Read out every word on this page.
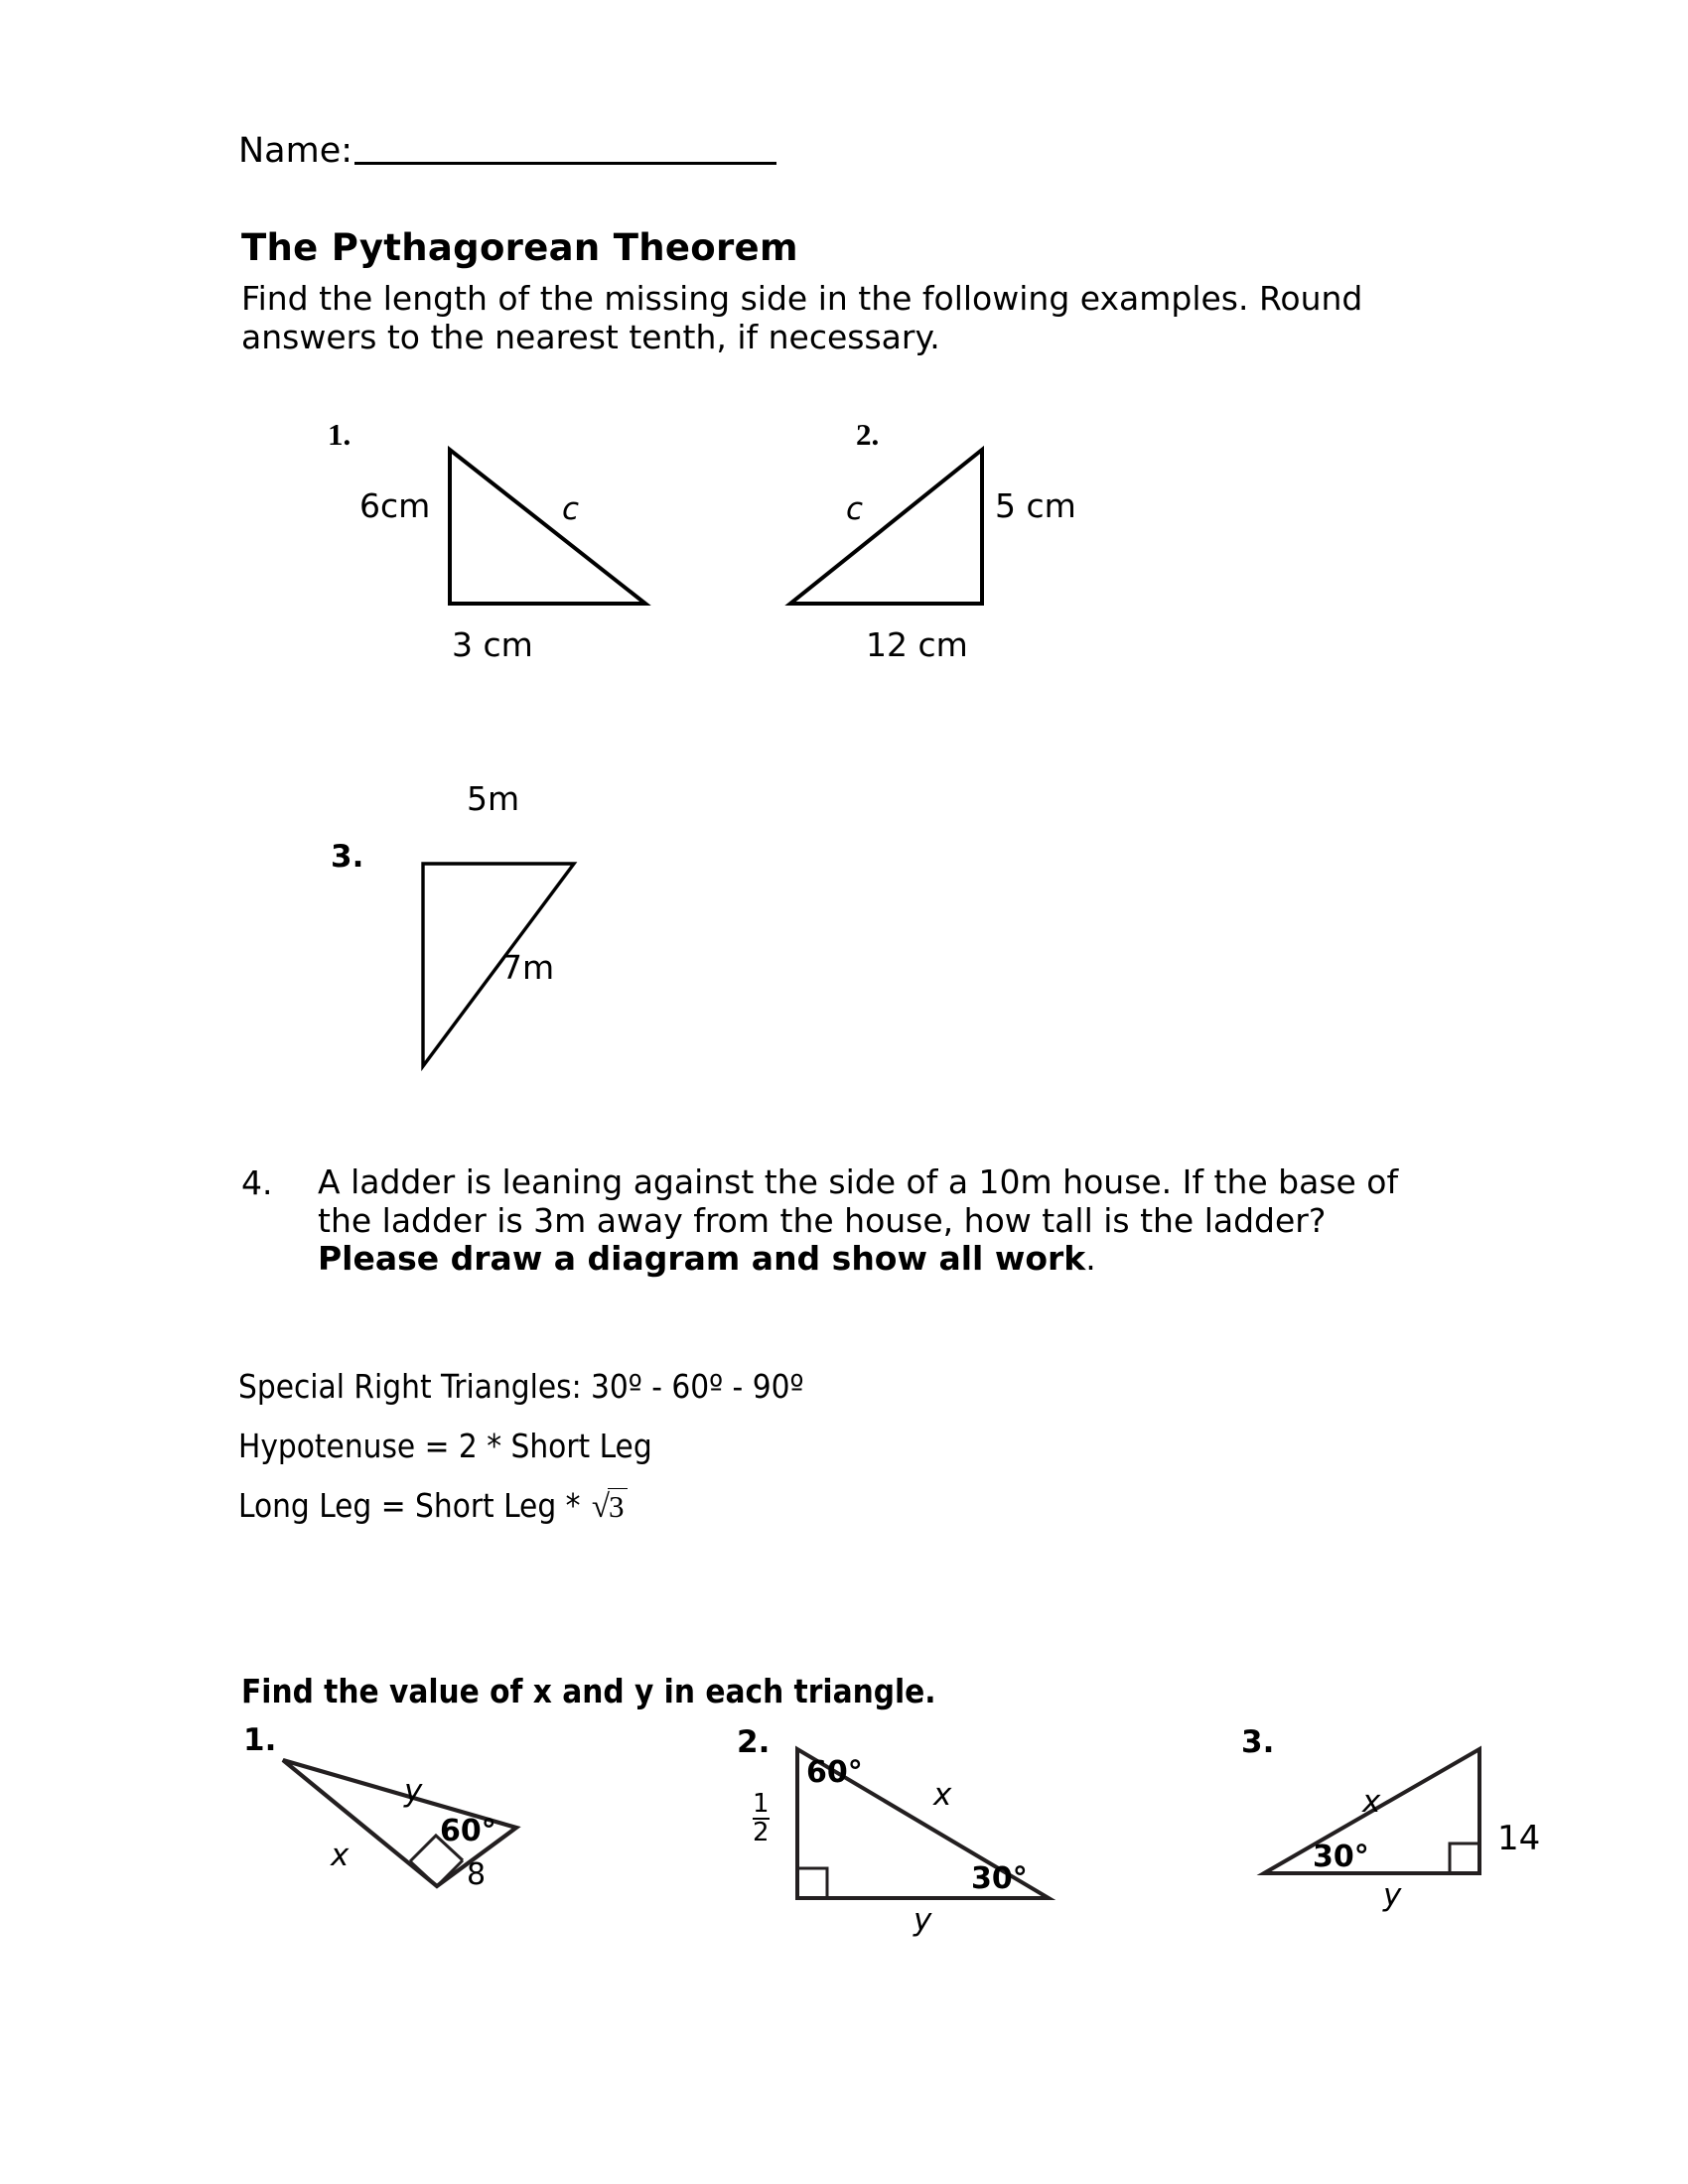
Name:
The Pythagorean Theorem
Find the length of the missing side in the following examples. Round answers to the nearest tenth, if necessary.
1.
6cm
3 cm
c
2.
c	5 cm
12 cm
3.
5m
7m
4. A ladder is leaning against the side of a 10m house. If the base of the ladder is 3m away from the house, how tall is the ladder? Please draw a diagram and show all work.
Special Right Triangles: 30º - 60º - 90º
Hypotenuse = 2 * Short Leg
Long Leg = Short Leg * √3
Find the value of x and y in each triangle.
1.
y
x
60°
8
2.
$\frac{1}{2}$
60°
x
30°
y
3.
x
14
30°
y
